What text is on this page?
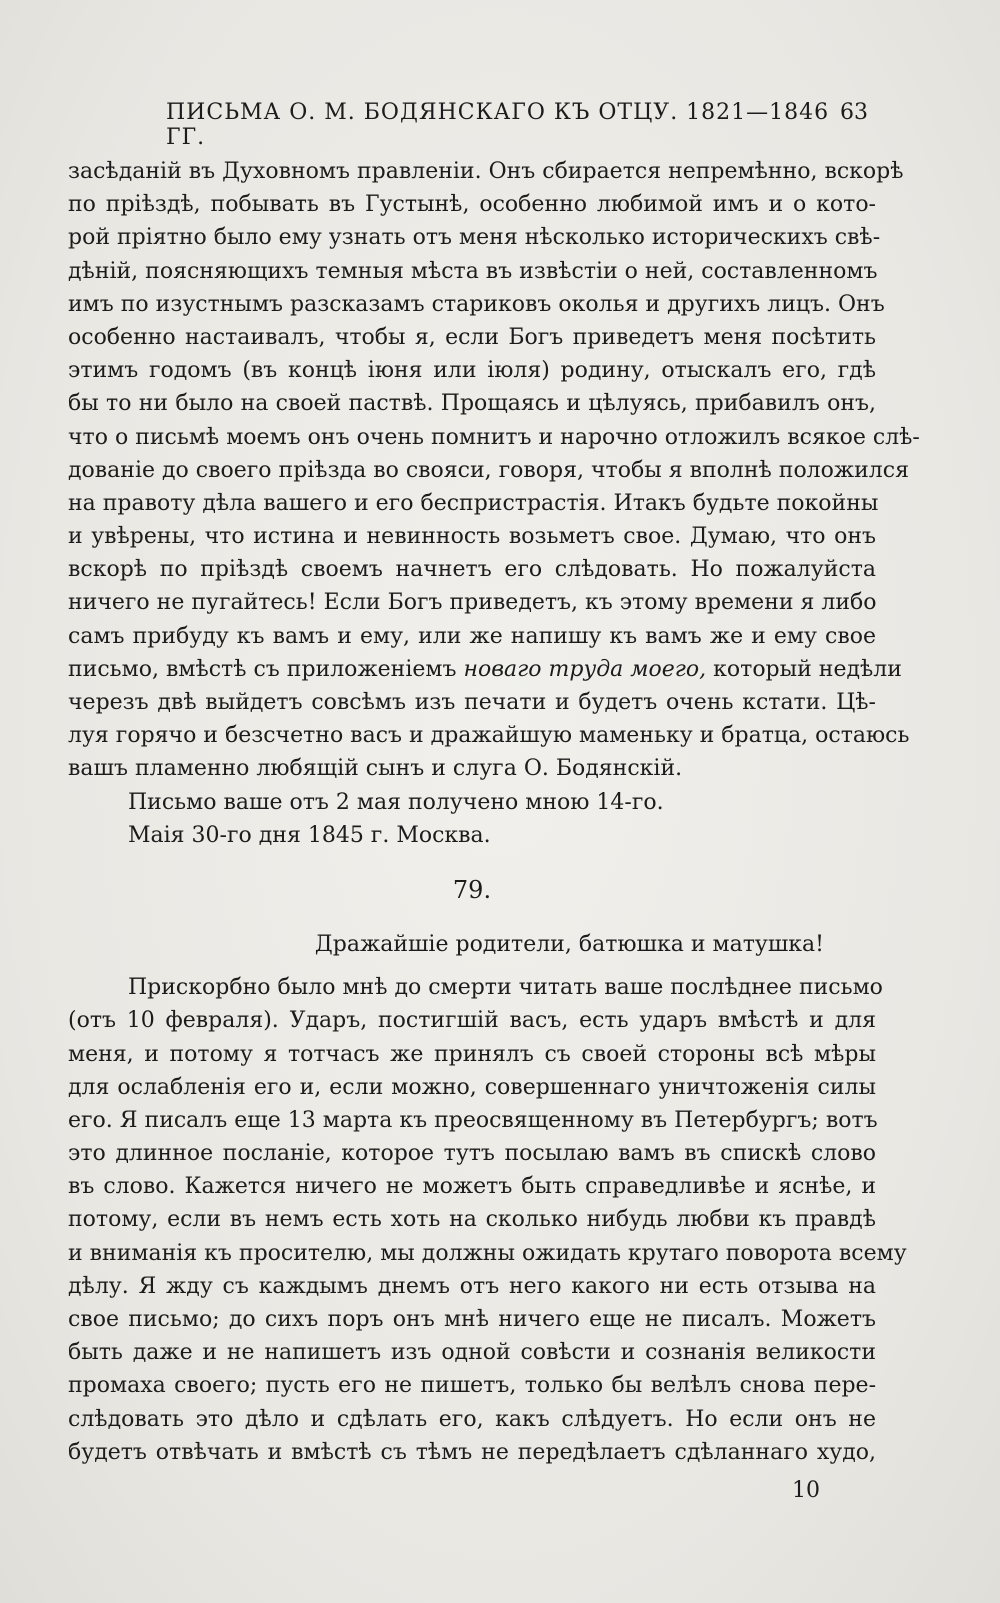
ПИСЬМА О. М. БОДЯНСКАГО КЪ ОТЦУ. 1821—1846 ГГ.
63
засѣданій въ Духовномъ правленіи. Онъ сбирается непремѣнно, вскорѣ
по пріѣздѣ, побывать въ Густынѣ, особенно любимой имъ и о кото-
рой пріятно было ему узнать отъ меня нѣсколько историческихъ свѣ-
дѣній, поясняющихъ темныя мѣста въ извѣстіи о ней, составленномъ
имъ по изустнымъ разсказамъ стариковъ околья и другихъ лицъ. Онъ
особенно настаивалъ, чтобы я, если Богъ приведетъ меня посѣтить
этимъ годомъ (въ концѣ іюня или іюля) родину, отыскалъ его, гдѣ
бы то ни было на своей паствѣ. Прощаясь и цѣлуясь, прибавилъ онъ,
что о письмѣ моемъ онъ очень помнитъ и нарочно отложилъ всякое слѣ-
дованіе до своего пріѣзда во свояси, говоря, чтобы я вполнѣ положился
на правоту дѣла вашего и его беспристрастія. Итакъ будьте покойны
и увѣрены, что истина и невинность возьметъ свое. Думаю, что онъ
вскорѣ по пріѣздѣ своемъ начнетъ его слѣдовать. Но пожалуйста
ничего не пугайтесь! Если Богъ приведетъ, къ этому времени я либо
самъ прибуду къ вамъ и ему, или же напишу къ вамъ же и ему свое
письмо, вмѣстѣ съ приложеніемъ новаго труда моего, который недѣли
черезъ двѣ выйдетъ совсѣмъ изъ печати и будетъ очень кстати. Цѣ-
луя горячо и безсчетно васъ и дражайшую маменьку и братца, остаюсь
вашъ пламенно любящій сынъ и слуга О. Бодянскій.
Письмо ваше отъ 2 мая получено мною 14-го.
Маія 30-го дня 1845 г. Москва.
79.
Дражайшіе родители, батюшка и матушка!
Прискорбно было мнѣ до смерти читать ваше послѣднее письмо
(отъ 10 февраля). Ударъ, постигшій васъ, есть ударъ вмѣстѣ и для
меня, и потому я тотчасъ же принялъ съ своей стороны всѣ мѣры
для ослабленія его и, если можно, совершеннаго уничтоженія силы
его. Я писалъ еще 13 марта къ преосвященному въ Петербургъ; вотъ
это длинное посланіе, которое тутъ посылаю вамъ въ спискѣ слово
въ слово. Кажется ничего не можетъ быть справедливѣе и яснѣе, и
потому, если въ немъ есть хоть на сколько нибудь любви къ правдѣ
и вниманія къ просителю, мы должны ожидать крутаго поворота всему
дѣлу. Я жду съ каждымъ днемъ отъ него какого ни есть отзыва на
свое письмо; до сихъ поръ онъ мнѣ ничего еще не писалъ. Можетъ
быть даже и не напишетъ изъ одной совѣсти и сознанія великости
промаха своего; пусть его не пишетъ, только бы велѣлъ снова пере-
слѣдовать это дѣло и сдѣлать его, какъ слѣдуетъ. Но если онъ не
будетъ отвѣчать и вмѣстѣ съ тѣмъ не передѣлаетъ сдѣланнаго худо,
10
